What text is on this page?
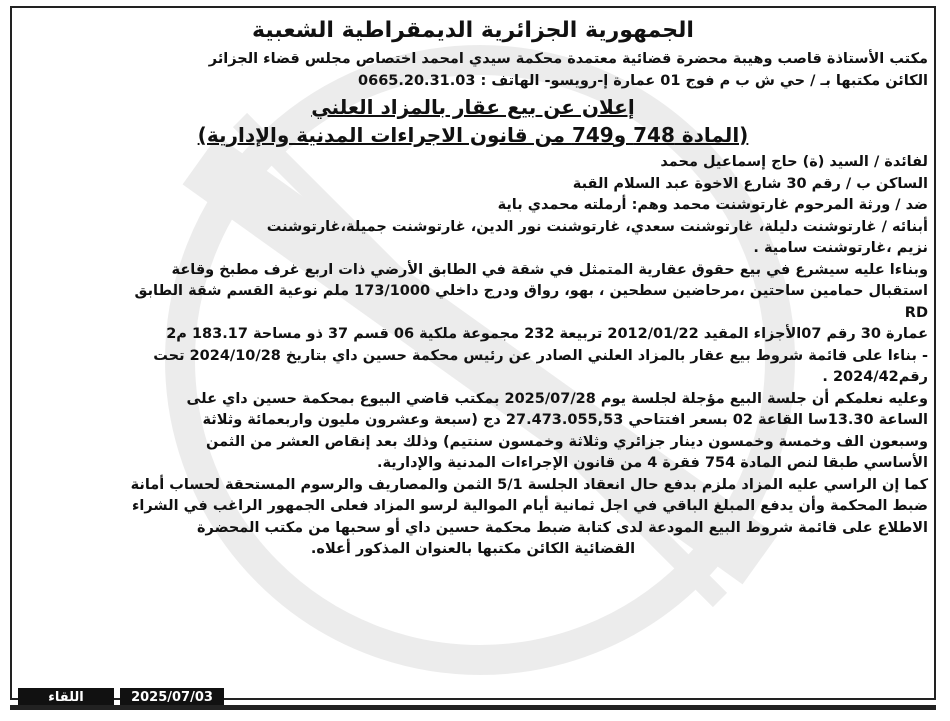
الجمهورية الجزائرية الديمقراطية الشعبية

مكتب الأستاذة قاصب وهيبة محضرة قضائية معتمدة محكمة سيدي امحمد اختصاص مجلس قضاء الجزائر

الكائن مكتبها بـ / حي ش ب م فوج 01 عمارة إ-رويسو- الهاتف : 0665.20.31.03

إعلان عن بيع عقار بالمزاد العلني
(المادة 748 و749 من قانون الاجراءات المدنية والإدارية)

لفائدة / السيد (ة) حاج إسماعيل محمد

الساكن ب / رقم 30 شارع الاخوة عبد السلام القبة

ضد / ورثة المرحوم غارتوشنت محمد وهم: أرملته محمدي باية

أبنائه / غارتوشنت دليلة، غارتوشنت سعدي، غارتوشنت نور الدين، غارتوشنت جميلة،غارتوشنت

نزيم ،غارتوشنت سامية .

وبناءا عليه سيشرع في بيع حقوق عقارية المتمثل في شقة في الطابق الأرضي ذات اربع غرف مطبخ وقاعة

استقبال حمامين ساحتين ،مرحاضين سطحين ، بهو، رواق ودرج داخلي 173/1000 ملم نوعية القسم شقة الطابق

RD

عمارة 30 رقم 07الأجزاء المقيد 2012/01/22 تربيعة 232 مجموعة ملكية 06 قسم 37 ذو مساحة 183.17 م2

- بناءا على قائمة شروط بيع عقار بالمزاد العلني الصادر عن رئيس محكمة حسين داي بتاريخ 2024/10/28 تحت

رقم2024/42 .

وعليه نعلمكم أن جلسة البيع مؤجلة لجلسة يوم 2025/07/28 بمكتب قاضي البيوع بمحكمة حسين داي على

الساعة 13.30سا القاعة 02 بسعر افتتاحي 27.473.055,53 دج (سبعة وعشرون مليون واربعمائة وثلاثة

وسبعون الف وخمسة وخمسون دينار جزائري وثلاثة وخمسون سنتيم) وذلك بعد إنقاص العشر من الثمن

الأساسي طبقا لنص المادة 754 فقرة 4 من قانون الإجراءات المدنية والإدارية.

كما إن الراسي عليه المزاد ملزم بدفع حال انعقاد الجلسة 5/1 الثمن والمصاريف والرسوم المستحقة لحساب أمانة

ضبط المحكمة وأن يدفع المبلغ الباقي في اجل ثمانية أيام الموالية لرسو المزاد فعلى الجمهور الراغب في الشراء

الاطلاع على قائمة شروط البيع المودعة لدى كتابة ضبط محكمة حسين داي أو سحبها من مكتب المحضرة

القضائية الكائن مكتبها بالعنوان المذكور أعلاه.

اللقاء	2025/07/03
